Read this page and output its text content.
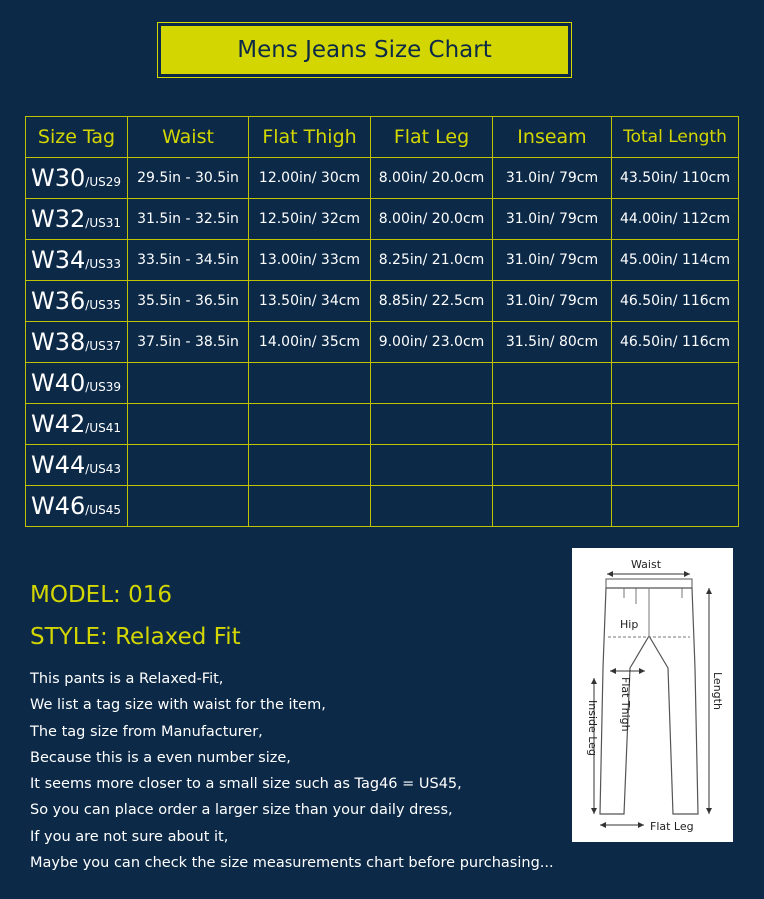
Mens Jeans Size Chart
Size Tag	Waist	Flat Thigh	Flat Leg	Inseam	Total Length
W30/US29	29.5in - 30.5in	12.00in/ 30cm	8.00in/ 20.0cm	31.0in/ 79cm	43.50in/ 110cm
W32/US31	31.5in - 32.5in	12.50in/ 32cm	8.00in/ 20.0cm	31.0in/ 79cm	44.00in/ 112cm
W34/US33	33.5in - 34.5in	13.00in/ 33cm	8.25in/ 21.0cm	31.0in/ 79cm	45.00in/ 114cm
W36/US35	35.5in - 36.5in	13.50in/ 34cm	8.85in/ 22.5cm	31.0in/ 79cm	46.50in/ 116cm
W38/US37	37.5in - 38.5in	14.00in/ 35cm	9.00in/ 23.0cm	31.5in/ 80cm	46.50in/ 116cm
W40/US39					
W42/US41					
W44/US43					
W46/US45					
MODEL: 016
STYLE: Relaxed Fit
This pants is a Relaxed-Fit,
We list a tag size with waist for the item,
The tag size from Manufacturer,
Because this is a even number size,
It seems more closer to a small size such as Tag46 = US45,
So you can place order a larger size than your daily dress,
If you are not sure about it,
Maybe you can check the size measurements chart before purchasing...
Waist
Hip
Flat Thigh
Inside Leg
Length
Flat Leg
